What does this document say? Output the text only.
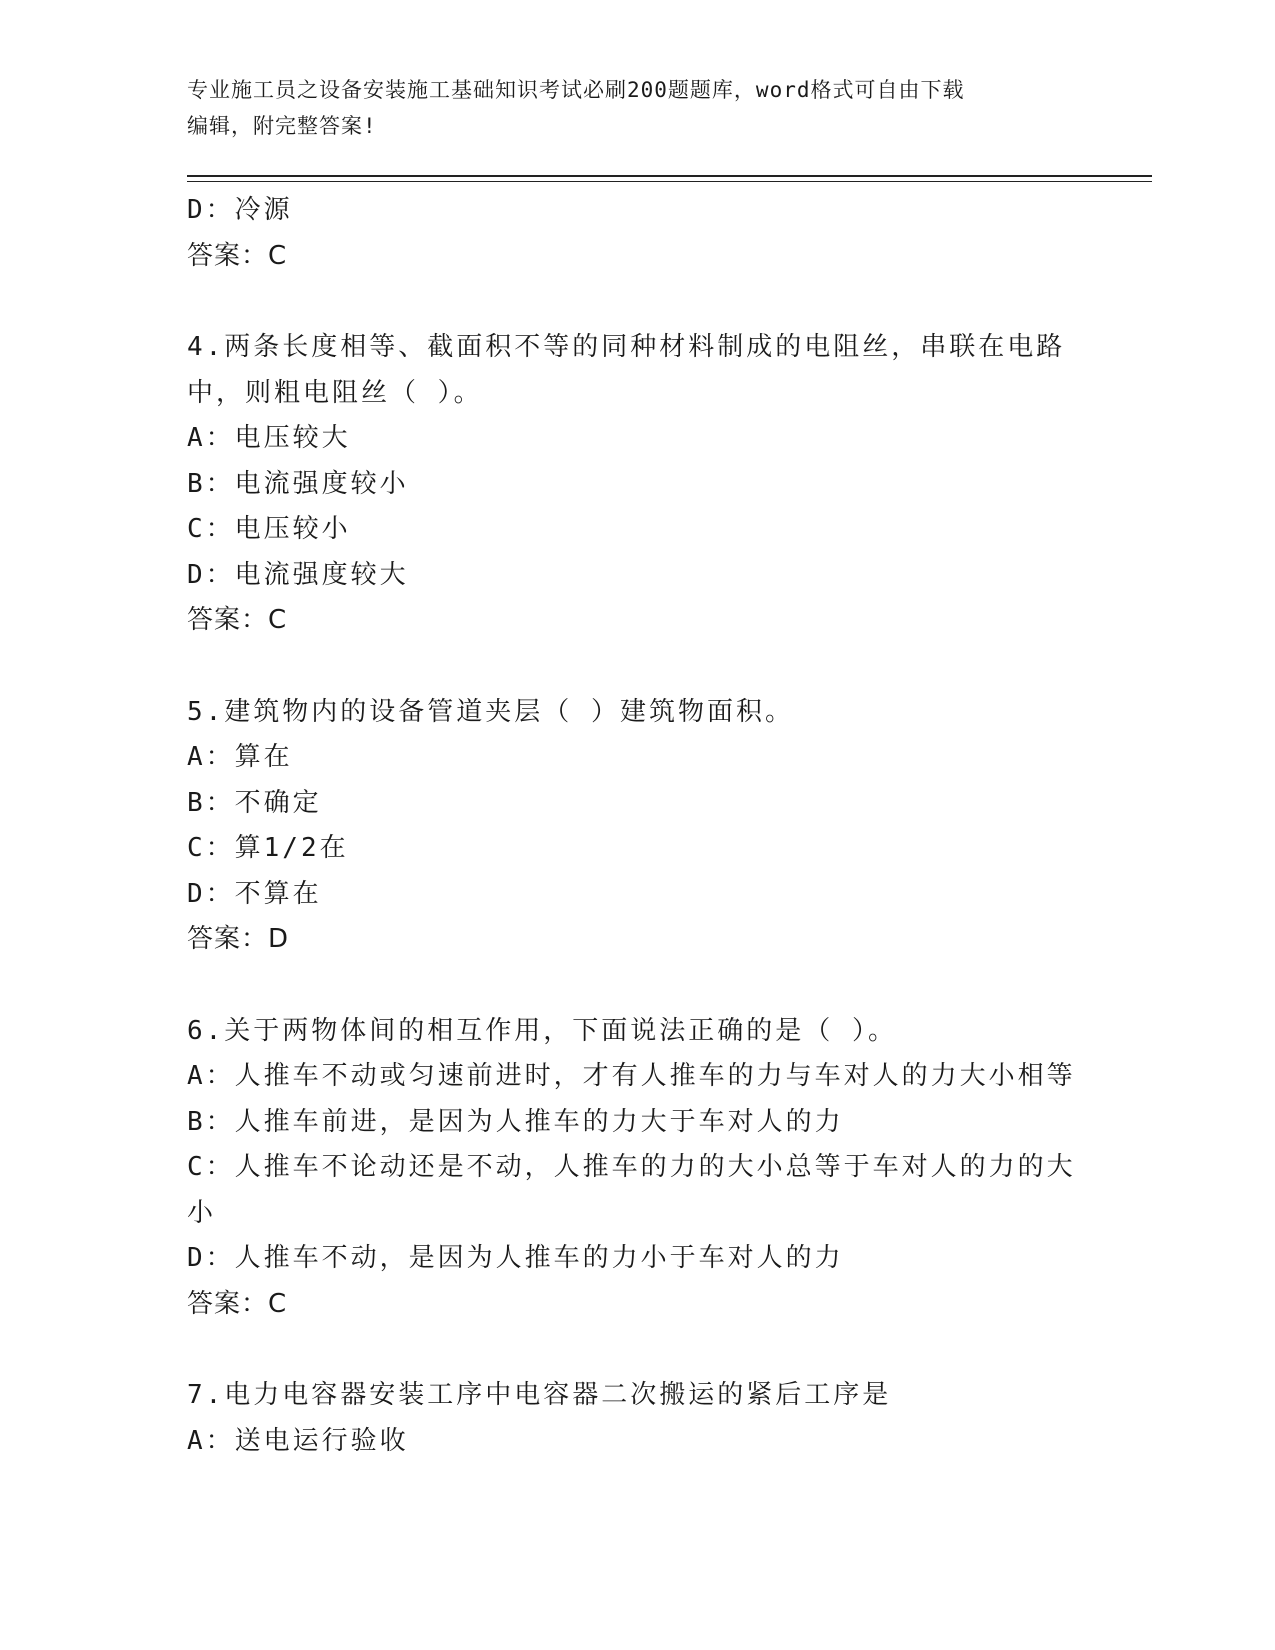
专业施工员之设备安装施工基础知识考试必刷200题题库，word格式可自由下载
编辑，附完整答案!
D：冷源
答案：C
4.两条长度相等、截面积不等的同种材料制成的电阻丝，串联在电路
中，则粗电阻丝（ ）。
A：电压较大
B：电流强度较小
C：电压较小
D：电流强度较大
答案：C
5.建筑物内的设备管道夹层（ ）建筑物面积。
A：算在
B：不确定
C：算1/2在
D：不算在
答案：D
6.关于两物体间的相互作用，下面说法正确的是（ ）。
A：人推车不动或匀速前进时，才有人推车的力与车对人的力大小相等
B：人推车前进，是因为人推车的力大于车对人的力
C：人推车不论动还是不动，人推车的力的大小总等于车对人的力的大
小
D：人推车不动，是因为人推车的力小于车对人的力
答案：C
7.电力电容器安装工序中电容器二次搬运的紧后工序是
A：送电运行验收
